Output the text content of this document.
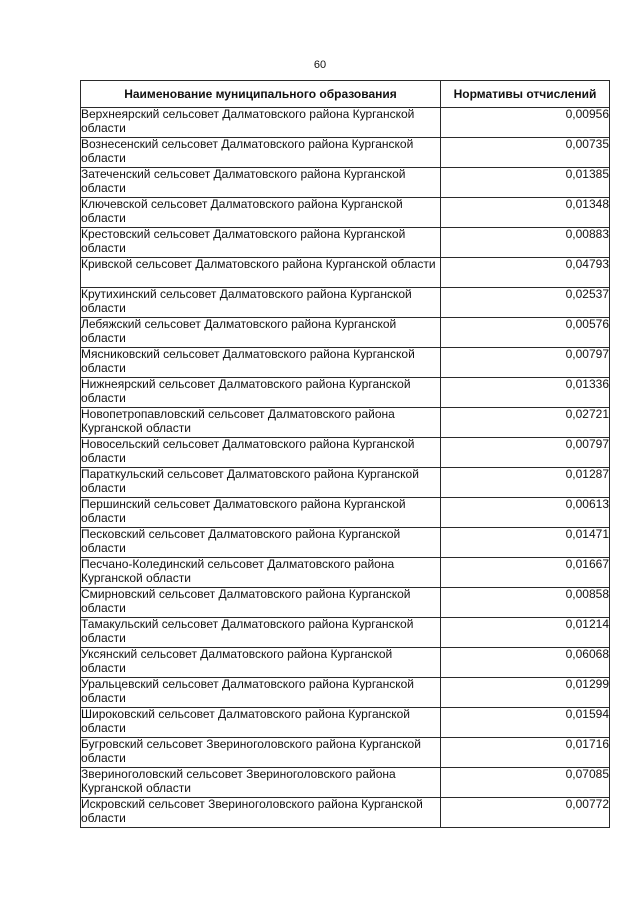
60
Наименование муниципального образования	Нормативы отчислений
Верхнеярский сельсовет Далматовского района Курганской области	0,00956
Вознесенский сельсовет Далматовского района Курганской области	0,00735
Затеченский сельсовет Далматовского района Курганской области	0,01385
Ключевской сельсовет Далматовского района Курганской области	0,01348
Крестовский сельсовет Далматовского района Курганской области	0,00883
Кривской сельсовет Далматовского района Курганской области	0,04793
Крутихинский сельсовет Далматовского района Курганской области	0,02537
Лебяжский сельсовет Далматовского района Курганской области	0,00576
Мясниковский сельсовет Далматовского района Курганской области	0,00797
Нижнеярский сельсовет Далматовского района Курганской области	0,01336
Новопетропавловский сельсовет Далматовского района Курганской области	0,02721
Новосельский сельсовет Далматовского района Курганской области	0,00797
Параткульский сельсовет Далматовского района Курганской области	0,01287
Першинский сельсовет Далматовского района Курганской области	0,00613
Песковский сельсовет Далматовского района Курганской области	0,01471
Песчано-Колединский сельсовет Далматовского района Курганской области	0,01667
Смирновский сельсовет Далматовского района Курганской области	0,00858
Тамакульский сельсовет Далматовского района Курганской области	0,01214
Уксянский сельсовет Далматовского района Курганской области	0,06068
Уральцевский сельсовет Далматовского района Курганской области	0,01299
Широковский сельсовет Далматовского района Курганской области	0,01594
Бугровский сельсовет Звериноголовского района Курганской области	0,01716
Звериноголовский сельсовет Звериноголовского района Курганской области	0,07085
Искровский сельсовет Звериноголовского района Курганской области	0,00772
